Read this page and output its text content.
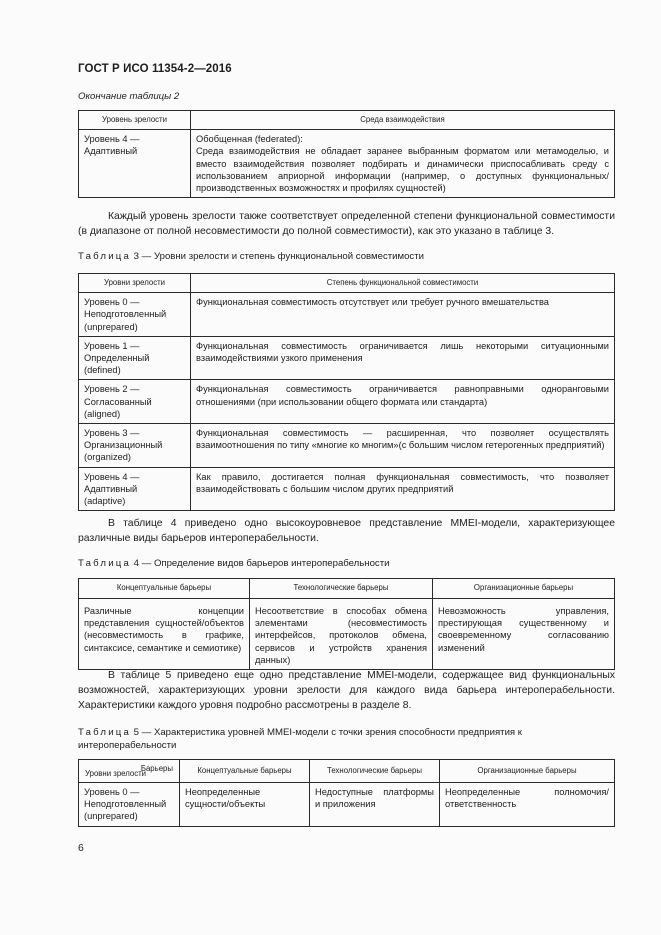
ГОСТ Р ИСО 11354-2—2016
Окончание таблицы 2
Уровень зрелости	Среда взаимодействия
Уровень 4 —
Адаптивный	Обобщенная (federated):
Среда взаимодействия не обладает заранее выбранным форматом или метамоделью, и вместо взаимодействия позволяет подбирать и динамически приспосабливать среду с использованием априорной информации (например, о доступных функциональных/производственных возможностях и профилях сущностей)
Каждый уровень зрелости также соответствует определенной степени функциональной совместимости (в диапазоне от полной несовместимости до полной совместимости), как это указано в таблице 3.
Таблица 3 — Уровни зрелости и степень функциональной совместимости
Уровни зрелости	Степень функциональной совместимости
Уровень 0 —
Неподготовленный
(unprepared)	Функциональная совместимость отсутствует или требует ручного вмешательства
Уровень 1 —
Определенный
(defined)	Функциональная совместимость ограничивается лишь некоторыми ситуационными взаимодействиями узкого применения
Уровень 2 —
Согласованный
(aligned)	Функциональная совместимость ограничивается равноправными одноранговыми отношениями (при использовании общего формата или стандарта)
Уровень 3 —
Организационный
(organized)	Функциональная совместимость — расширенная, что позволяет осуществлять взаимоотношения по типу «многие ко многим»(с большим числом гетерогенных предприятий)
Уровень 4 —
Адаптивный
(adaptive)	Как правило, достигается полная функциональная совместимость, что позволяет взаимодействовать с большим числом других предприятий
В таблице 4 приведено одно высокоуровневое представление MMEI-модели, характеризующее различные виды барьеров интероперабельности.
Таблица 4 — Определение видов барьеров интероперабельности
Концептуальные барьеры	Технологические барьеры	Организационные барьеры
Различные концепции представления сущностей/объектов (несовместимость в графике, синтаксисе, семантике и семиотике)	Несоответствие в способах обмена элементами (несовместимость интерфейсов, протоколов обмена, сервисов и устройств хранения данных)	Невозможность управления, престирующая существенному и своевременному согласованию изменений
В таблице 5 приведено еще одно представление MMEI-модели, содержащее вид функциональных возможностей, характеризующих уровни зрелости для каждого вида барьера интероперабельности. Характеристики каждого уровня подробно рассмотрены в разделе 8.
Таблица 5 — Характеристика уровней MMEI-модели с точки зрения способности предприятия к интероперабельности
Барьеры
Уровни зрелости	Концептуальные барьеры	Технологические барьеры	Организационные барьеры
Уровень 0 —
Неподготовленный
(unprepared)	Неопределенные сущности/объекты	Недоступные платформы и приложения	Неопределенные полномочия/ответственность
6
